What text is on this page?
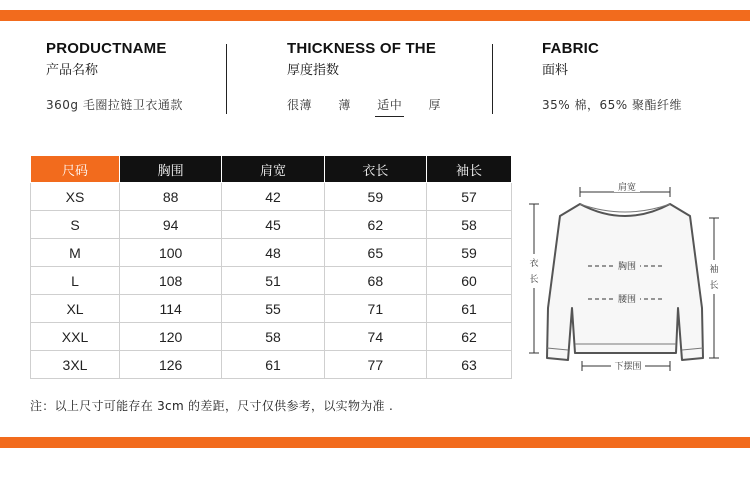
PRODUCTNAME
产品名称
360g 毛圈拉链卫衣通款
THICKNESS OF THE
厚度指数
很薄 薄 适中 厚
FABRIC
面料
35% 棉，65% 聚酯纤维
尺码	胸围	肩宽	衣长	袖长
XS	88	42	59	57
S	94	45	62	58
M	100	48	65	59
L	108	51	68	60
XL	114	55	71	61
XXL	120	58	74	62
3XL	126	61	77	63
肩宽
胸围
腰围
下摆围
衣
长
袖
长
注：以上尺寸可能存在 3cm 的差距，尺寸仅供参考，以实物为准 .
